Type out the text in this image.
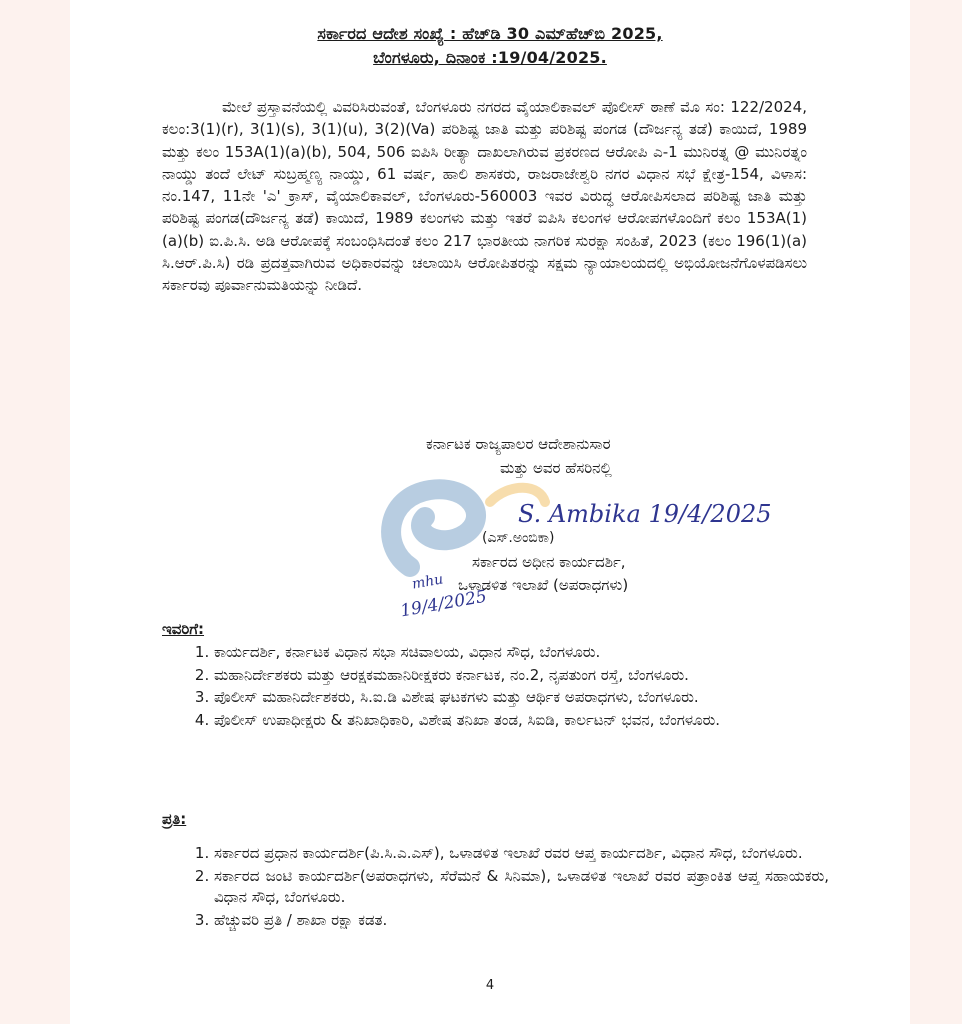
ಸರ್ಕಾರದ ಆದೇಶ ಸಂಖ್ಯೆ : ಹೆಚ್‌ಡಿ 30 ಎಮ್‌ಹೆಚ್‌ಬಿ 2025,
ಬೆಂಗಳೂರು, ದಿನಾಂಕ :19/04/2025.

ಮೇಲೆ ಪ್ರಸ್ತಾವನೆಯಲ್ಲಿ ವಿವರಿಸಿರುವಂತೆ, ಬೆಂಗಳೂರು ನಗರದ ವೈಯಾಲಿಕಾವಲ್ ಪೊಲೀಸ್ ಠಾಣೆ ಮೊ ಸಂ: 122/2024, ಕಲಂ:3(1)(r), 3(1)(s), 3(1)(u), 3(2)(Va) ಪರಿಶಿಷ್ಟ ಜಾತಿ ಮತ್ತು ಪರಿಶಿಷ್ಟ ಪಂಗಡ (ದೌರ್ಜನ್ಯ ತಡೆ) ಕಾಯಿದೆ, 1989 ಮತ್ತು ಕಲಂ 153A(1)(a)(b), 504, 506 ಐಪಿಸಿ ರೀತ್ಯಾ ದಾಖಲಾಗಿರುವ ಪ್ರಕರಣದ ಆರೋಪಿ ಎ-1 ಮುನಿರತ್ನ @ ಮುನಿರತ್ನಂ ನಾಯ್ಡು ತಂದೆ ಲೇಟ್ ಸುಬ್ರಹ್ಮಣ್ಯ ನಾಯ್ಡು, 61 ವರ್ಷ, ಹಾಲಿ ಶಾಸಕರು, ರಾಜರಾಜೇಶ್ವರಿ ನಗರ ವಿಧಾನ ಸಭೆ ಕ್ಷೇತ್ರ-154, ವಿಳಾಸ: ನಂ.147, 11ನೇ 'ಎ' ಕ್ರಾಸ್, ವೈಯಾಲಿಕಾವಲ್, ಬೆಂಗಳೂರು-560003 ಇವರ ವಿರುದ್ಧ ಆರೋಪಿಸಲಾದ ಪರಿಶಿಷ್ಟ ಜಾತಿ ಮತ್ತು ಪರಿಶಿಷ್ಟ ಪಂಗಡ(ದೌರ್ಜನ್ಯ ತಡೆ) ಕಾಯಿದೆ, 1989 ಕಲಂಗಳು ಮತ್ತು ಇತರೆ ಐಪಿಸಿ ಕಲಂಗಳ ಆರೋಪಗಳೊಂದಿಗೆ ಕಲಂ 153A(1)(a)(b) ಐ.ಪಿ.ಸಿ. ಅಡಿ ಆರೋಪಕ್ಕೆ ಸಂಬಂಧಿಸಿದಂತೆ ಕಲಂ 217 ಭಾರತೀಯ ನಾಗರಿಕ ಸುರಕ್ಷಾ ಸಂಹಿತೆ, 2023 (ಕಲಂ 196(1)(a) ಸಿ.ಆರ್.ಪಿ.ಸಿ) ರಡಿ ಪ್ರದತ್ತವಾಗಿರುವ ಅಧಿಕಾರವನ್ನು ಚಲಾಯಿಸಿ ಆರೋಪಿತರನ್ನು ಸಕ್ಷಮ ನ್ಯಾಯಾಲಯದಲ್ಲಿ ಅಭಿಯೋಜನೆಗೊಳಪಡಿಸಲು ಸರ್ಕಾರವು ಪೂರ್ವಾನುಮತಿಯನ್ನು ನೀಡಿದೆ.

ಕರ್ನಾಟಕ ರಾಜ್ಯಪಾಲರ ಆದೇಶಾನುಸಾರ
ಮತ್ತು ಅವರ ಹೆಸರಿನಲ್ಲಿ
S. Ambika 19/4/2025
(ಎಸ್.ಅಂಬಿಕಾ)
ಸರ್ಕಾರದ ಅಧೀನ ಕಾರ್ಯದರ್ಶಿ,
ಒಳಾಡಳಿತ ಇಲಾಖೆ (ಅಪರಾಧಗಳು)
mhu
19/4/2025
ಇವರಿಗೆ:
1. ಕಾರ್ಯದರ್ಶಿ, ಕರ್ನಾಟಕ ವಿಧಾನ ಸಭಾ ಸಚಿವಾಲಯ, ವಿಧಾನ ಸೌಧ, ಬೆಂಗಳೂರು.
2. ಮಹಾನಿರ್ದೇಶಕರು ಮತ್ತು ಆರಕ್ಷಕಮಹಾನಿರೀಕ್ಷಕರು ಕರ್ನಾಟಕ, ನಂ.2, ನೃಪತುಂಗ ರಸ್ತೆ, ಬೆಂಗಳೂರು.
3. ಪೊಲೀಸ್ ಮಹಾನಿರ್ದೇಶಕರು, ಸಿ.ಐ.ಡಿ ವಿಶೇಷ ಘಟಕಗಳು ಮತ್ತು ಆರ್ಥಿಕ ಅಪರಾಧಗಳು, ಬೆಂಗಳೂರು.
4. ಪೊಲೀಸ್ ಉಪಾಧೀಕ್ಷರು & ತನಿಖಾಧಿಕಾರಿ, ವಿಶೇಷ ತನಿಖಾ ತಂಡ, ಸಿಐಡಿ, ಕಾರ್ಲಟನ್ ಭವನ, ಬೆಂಗಳೂರು.
ಪ್ರತಿ:
1. ಸರ್ಕಾರದ ಪ್ರಧಾನ ಕಾರ್ಯದರ್ಶಿ(ಪಿ.ಸಿ.ಎ.ಎಸ್), ಒಳಾಡಳಿತ ಇಲಾಖೆ ರವರ ಆಪ್ತ ಕಾರ್ಯದರ್ಶಿ, ವಿಧಾನ ಸೌಧ, ಬೆಂಗಳೂರು.
2. ಸರ್ಕಾರದ ಜಂಟಿ ಕಾರ್ಯದರ್ಶಿ(ಅಪರಾಧಗಳು, ಸೆರೆಮನೆ & ಸಿನಿಮಾ), ಒಳಾಡಳಿತ ಇಲಾಖೆ ರವರ ಪತ್ರಾಂಕಿತ ಆಪ್ತ ಸಹಾಯಕರು, ವಿಧಾನ ಸೌಧ, ಬೆಂಗಳೂರು.
3. ಹೆಚ್ಚುವರಿ ಪ್ರತಿ / ಶಾಖಾ ರಕ್ಷಾ ಕಡತ.
4
